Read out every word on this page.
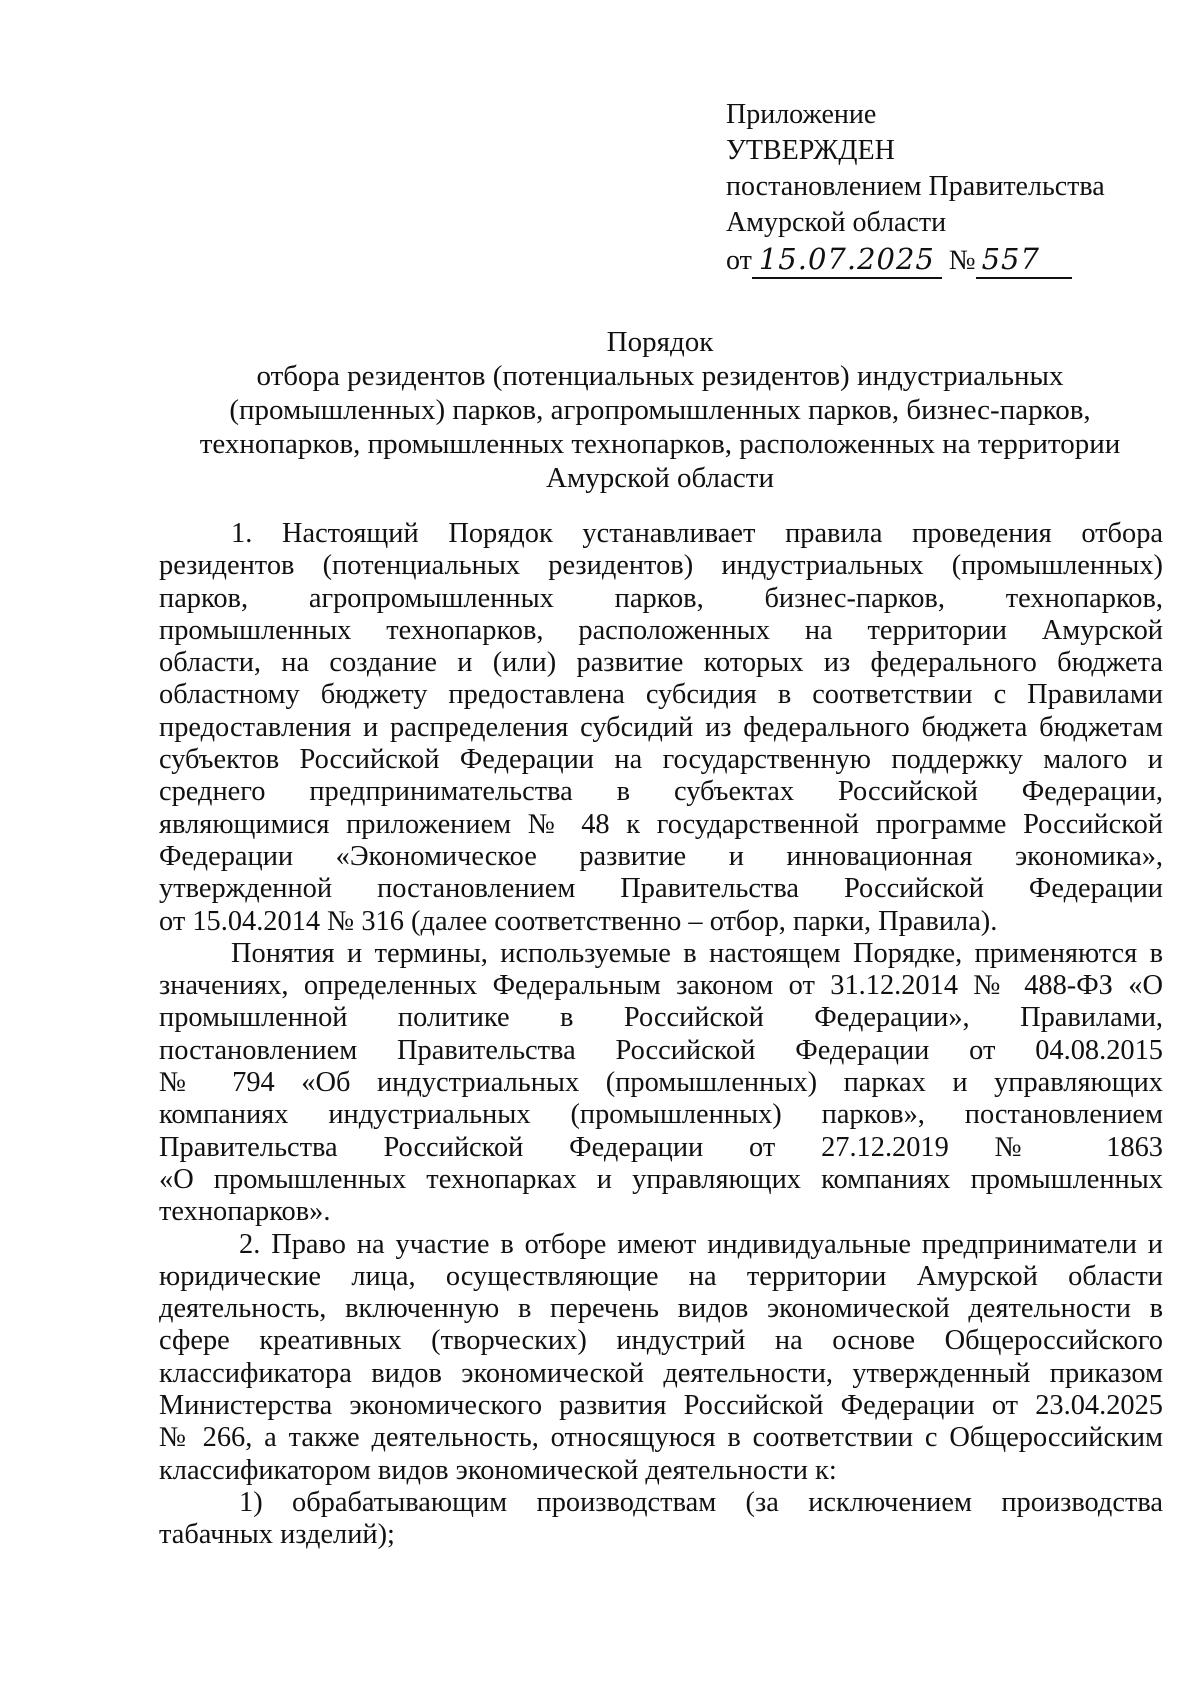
Приложение
УТВЕРЖДЕН
постановлением Правительства
Амурской области
от 15.07.2025 № 557
Порядок
отбора резидентов (потенциальных резидентов) индустриальных
(промышленных) парков, агропромышленных парков, бизнес-парков,
технопарков, промышленных технопарков, расположенных на территории
Амурской области
1. Настоящий Порядок устанавливает правила проведения отбора
резидентов (потенциальных резидентов) индустриальных (промышленных)
парков, агропромышленных парков, бизнес-парков, технопарков,
промышленных технопарков, расположенных на территории Амурской
области, на создание и (или) развитие которых из федерального бюджета
областному бюджету предоставлена субсидия в соответствии с Правилами
предоставления и распределения субсидий из федерального бюджета бюджетам
субъектов Российской Федерации на государственную поддержку малого и
среднего предпринимательства в субъектах Российской Федерации,
являющимися приложением № 48 к государственной программе Российской
Федерации «Экономическое развитие и инновационная экономика»,
утвержденной постановлением Правительства Российской Федерации
от 15.04.2014 № 316 (далее соответственно – отбор, парки, Правила).
Понятия и термины, используемые в настоящем Порядке, применяются в
значениях, определенных Федеральным законом от 31.12.2014 № 488-ФЗ «О
промышленной политике в Российской Федерации», Правилами,
постановлением Правительства Российской Федерации от 04.08.2015
№ 794 «Об индустриальных (промышленных) парках и управляющих
компаниях индустриальных (промышленных) парков», постановлением
Правительства Российской Федерации от 27.12.2019 № 1863
«О промышленных технопарках и управляющих компаниях промышленных
технопарков».
2. Право на участие в отборе имеют индивидуальные предприниматели и
юридические лица, осуществляющие на территории Амурской области
деятельность, включенную в перечень видов экономической деятельности в
сфере креативных (творческих) индустрий на основе Общероссийского
классификатора видов экономической деятельности, утвержденный приказом
Министерства экономического развития Российской Федерации от 23.04.2025
№ 266, а также деятельность, относящуюся в соответствии с Общероссийским
классификатором видов экономической деятельности к:
1) обрабатывающим производствам (за исключением производства
табачных изделий);
